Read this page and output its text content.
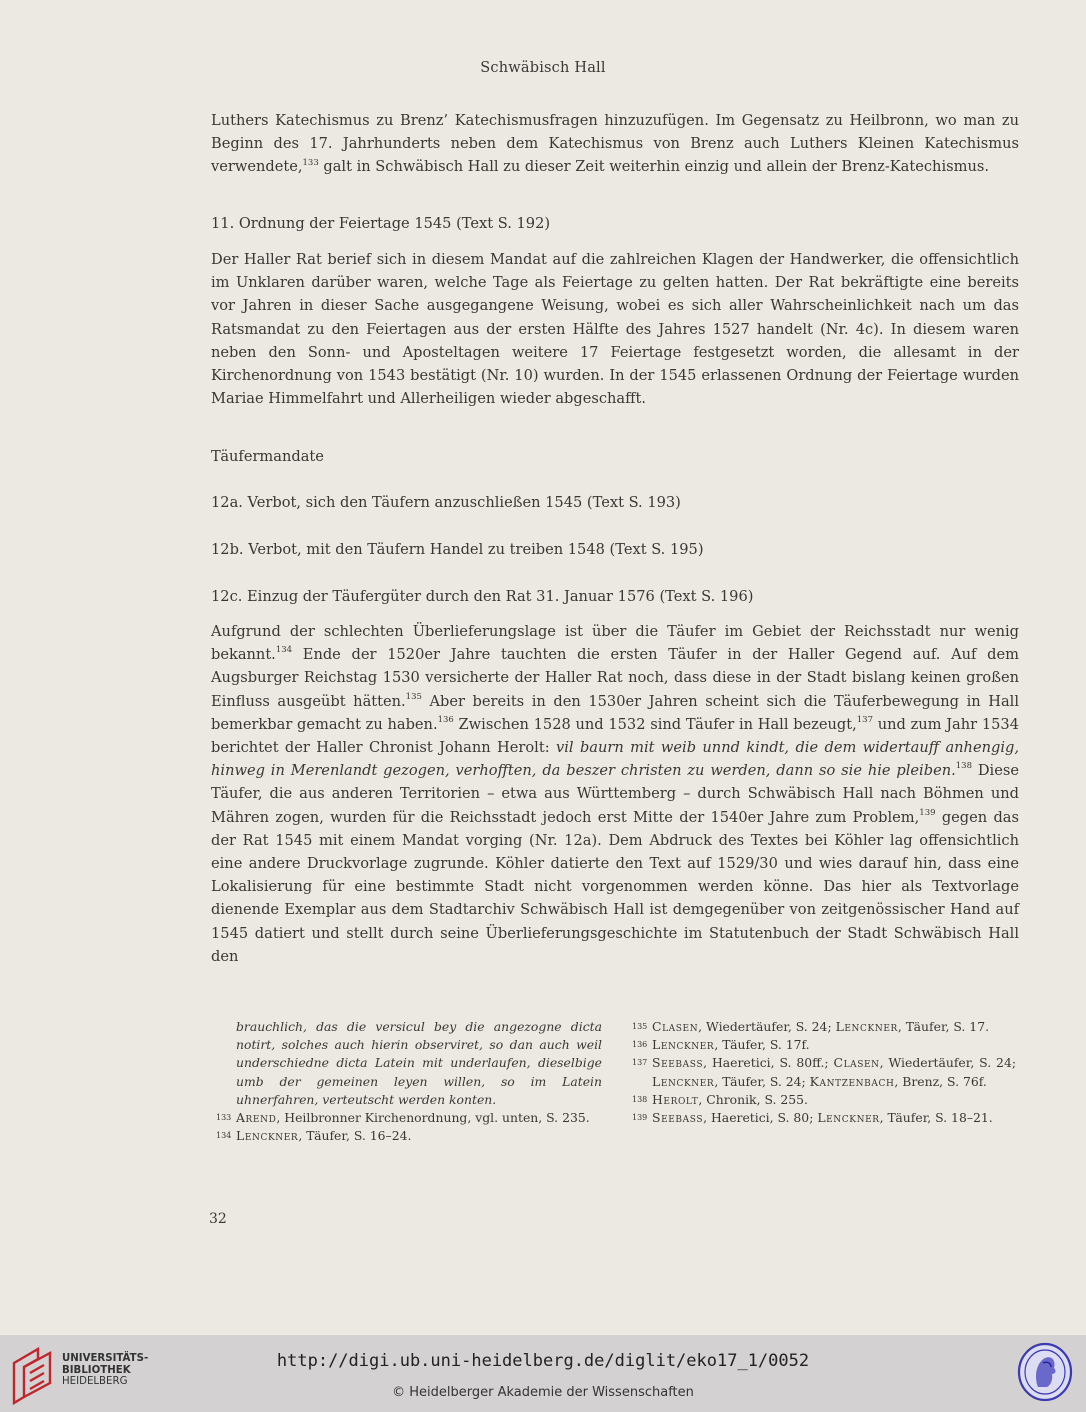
Schwäbisch Hall

Luthers Katechismus zu Brenz’ Katechismusfragen hinzuzufügen. Im Gegensatz zu Heilbronn, wo man zu Beginn des 17. Jahrhunderts neben dem Katechismus von Brenz auch Luthers Kleinen Katechismus verwendete,$^{133}$ galt in Schwäbisch Hall zu dieser Zeit weiterhin einzig und allein der Brenz-Katechismus.

11. Ordnung der Feiertage 1545 (Text S. 192)

Der Haller Rat berief sich in diesem Mandat auf die zahlreichen Klagen der Handwerker, die offensichtlich im Unklaren darüber waren, welche Tage als Feiertage zu gelten hatten. Der Rat bekräftigte eine bereits vor Jahren in dieser Sache ausgegangene Weisung, wobei es sich aller Wahrscheinlichkeit nach um das Ratsmandat zu den Feiertagen aus der ersten Hälfte des Jahres 1527 handelt (Nr. 4c). In diesem waren neben den Sonn- und Aposteltagen weitere 17 Feiertage festgesetzt worden, die allesamt in der Kirchenordnung von 1543 bestätigt (Nr. 10) wurden. In der 1545 erlassenen Ordnung der Feiertage wurden Mariae Himmelfahrt und Allerheiligen wieder abgeschafft.

Täufermandate
12a. Verbot, sich den Täufern anzuschließen 1545 (Text S. 193)
12b. Verbot, mit den Täufern Handel zu treiben 1548 (Text S. 195)
12c. Einzug der Täufergüter durch den Rat 31. Januar 1576 (Text S. 196)

Aufgrund der schlechten Überlieferungslage ist über die Täufer im Gebiet der Reichsstadt nur wenig bekannt.$^{134}$ Ende der 1520er Jahre tauchten die ersten Täufer in der Haller Gegend auf. Auf dem Augsburger Reichstag 1530 versicherte der Haller Rat noch, dass diese in der Stadt bislang keinen großen Einfluss ausgeübt hätten.$^{135}$ Aber bereits in den 1530er Jahren scheint sich die Täuferbewegung in Hall bemerkbar gemacht zu haben.$^{136}$ Zwischen 1528 und 1532 sind Täufer in Hall bezeugt,$^{137}$ und zum Jahr 1534 berichtet der Haller Chronist Johann Herolt: vil baurn mit weib unnd kindt, die dem widertauff anhengig, hinweg in Merenlandt gezogen, verhofften, da beszer christen zu werden, dann so sie hie pleiben.$^{138}$ Diese Täufer, die aus anderen Territorien – etwa aus Württemberg – durch Schwäbisch Hall nach Böhmen und Mähren zogen, wurden für die Reichsstadt jedoch erst Mitte der 1540er Jahre zum Problem,$^{139}$ gegen das der Rat 1545 mit einem Mandat vorging (Nr. 12a). Dem Abdruck des Textes bei Köhler lag offensichtlich eine andere Druckvorlage zugrunde. Köhler datierte den Text auf 1529/30 und wies darauf hin, dass eine Lokalisierung für eine bestimmte Stadt nicht vorgenommen werden könne. Das hier als Textvorlage dienende Exemplar aus dem Stadtarchiv Schwäbisch Hall ist demgegenüber von zeitgenössischer Hand auf 1545 datiert und stellt durch seine Überlieferungsgeschichte im Statutenbuch der Stadt Schwäbisch Hall den

brauchlich, das die versicul bey die angezogne dicta notirt, solches auch hierin observiret, so dan auch weil underschiedne dicta Latein mit underlaufen, dieselbige umb der gemeinen leyen willen, so im Latein uhnerfahren, verteutscht werden konten.
133 Arend, Heilbronner Kirchenordnung, vgl. unten, S. 235.
134 Lenckner, Täufer, S. 16–24.
135 Clasen, Wiedertäufer, S. 24; Lenckner, Täufer, S. 17.
136 Lenckner, Täufer, S. 17f.
137 Seebass, Haeretici, S. 80ff.; Clasen, Wiedertäufer, S. 24; Lenckner, Täufer, S. 24; Kantzenbach, Brenz, S. 76f.
138 Herolt, Chronik, S. 255.
139 Seebass, Haeretici, S. 80; Lenckner, Täufer, S. 18–21.
32
UNIVERSITÄTS-
BIBLIOTHEK
HEIDELBERG
http://digi.ub.uni-heidelberg.de/diglit/eko17_1/0052
© Heidelberger Akademie der Wissenschaften
